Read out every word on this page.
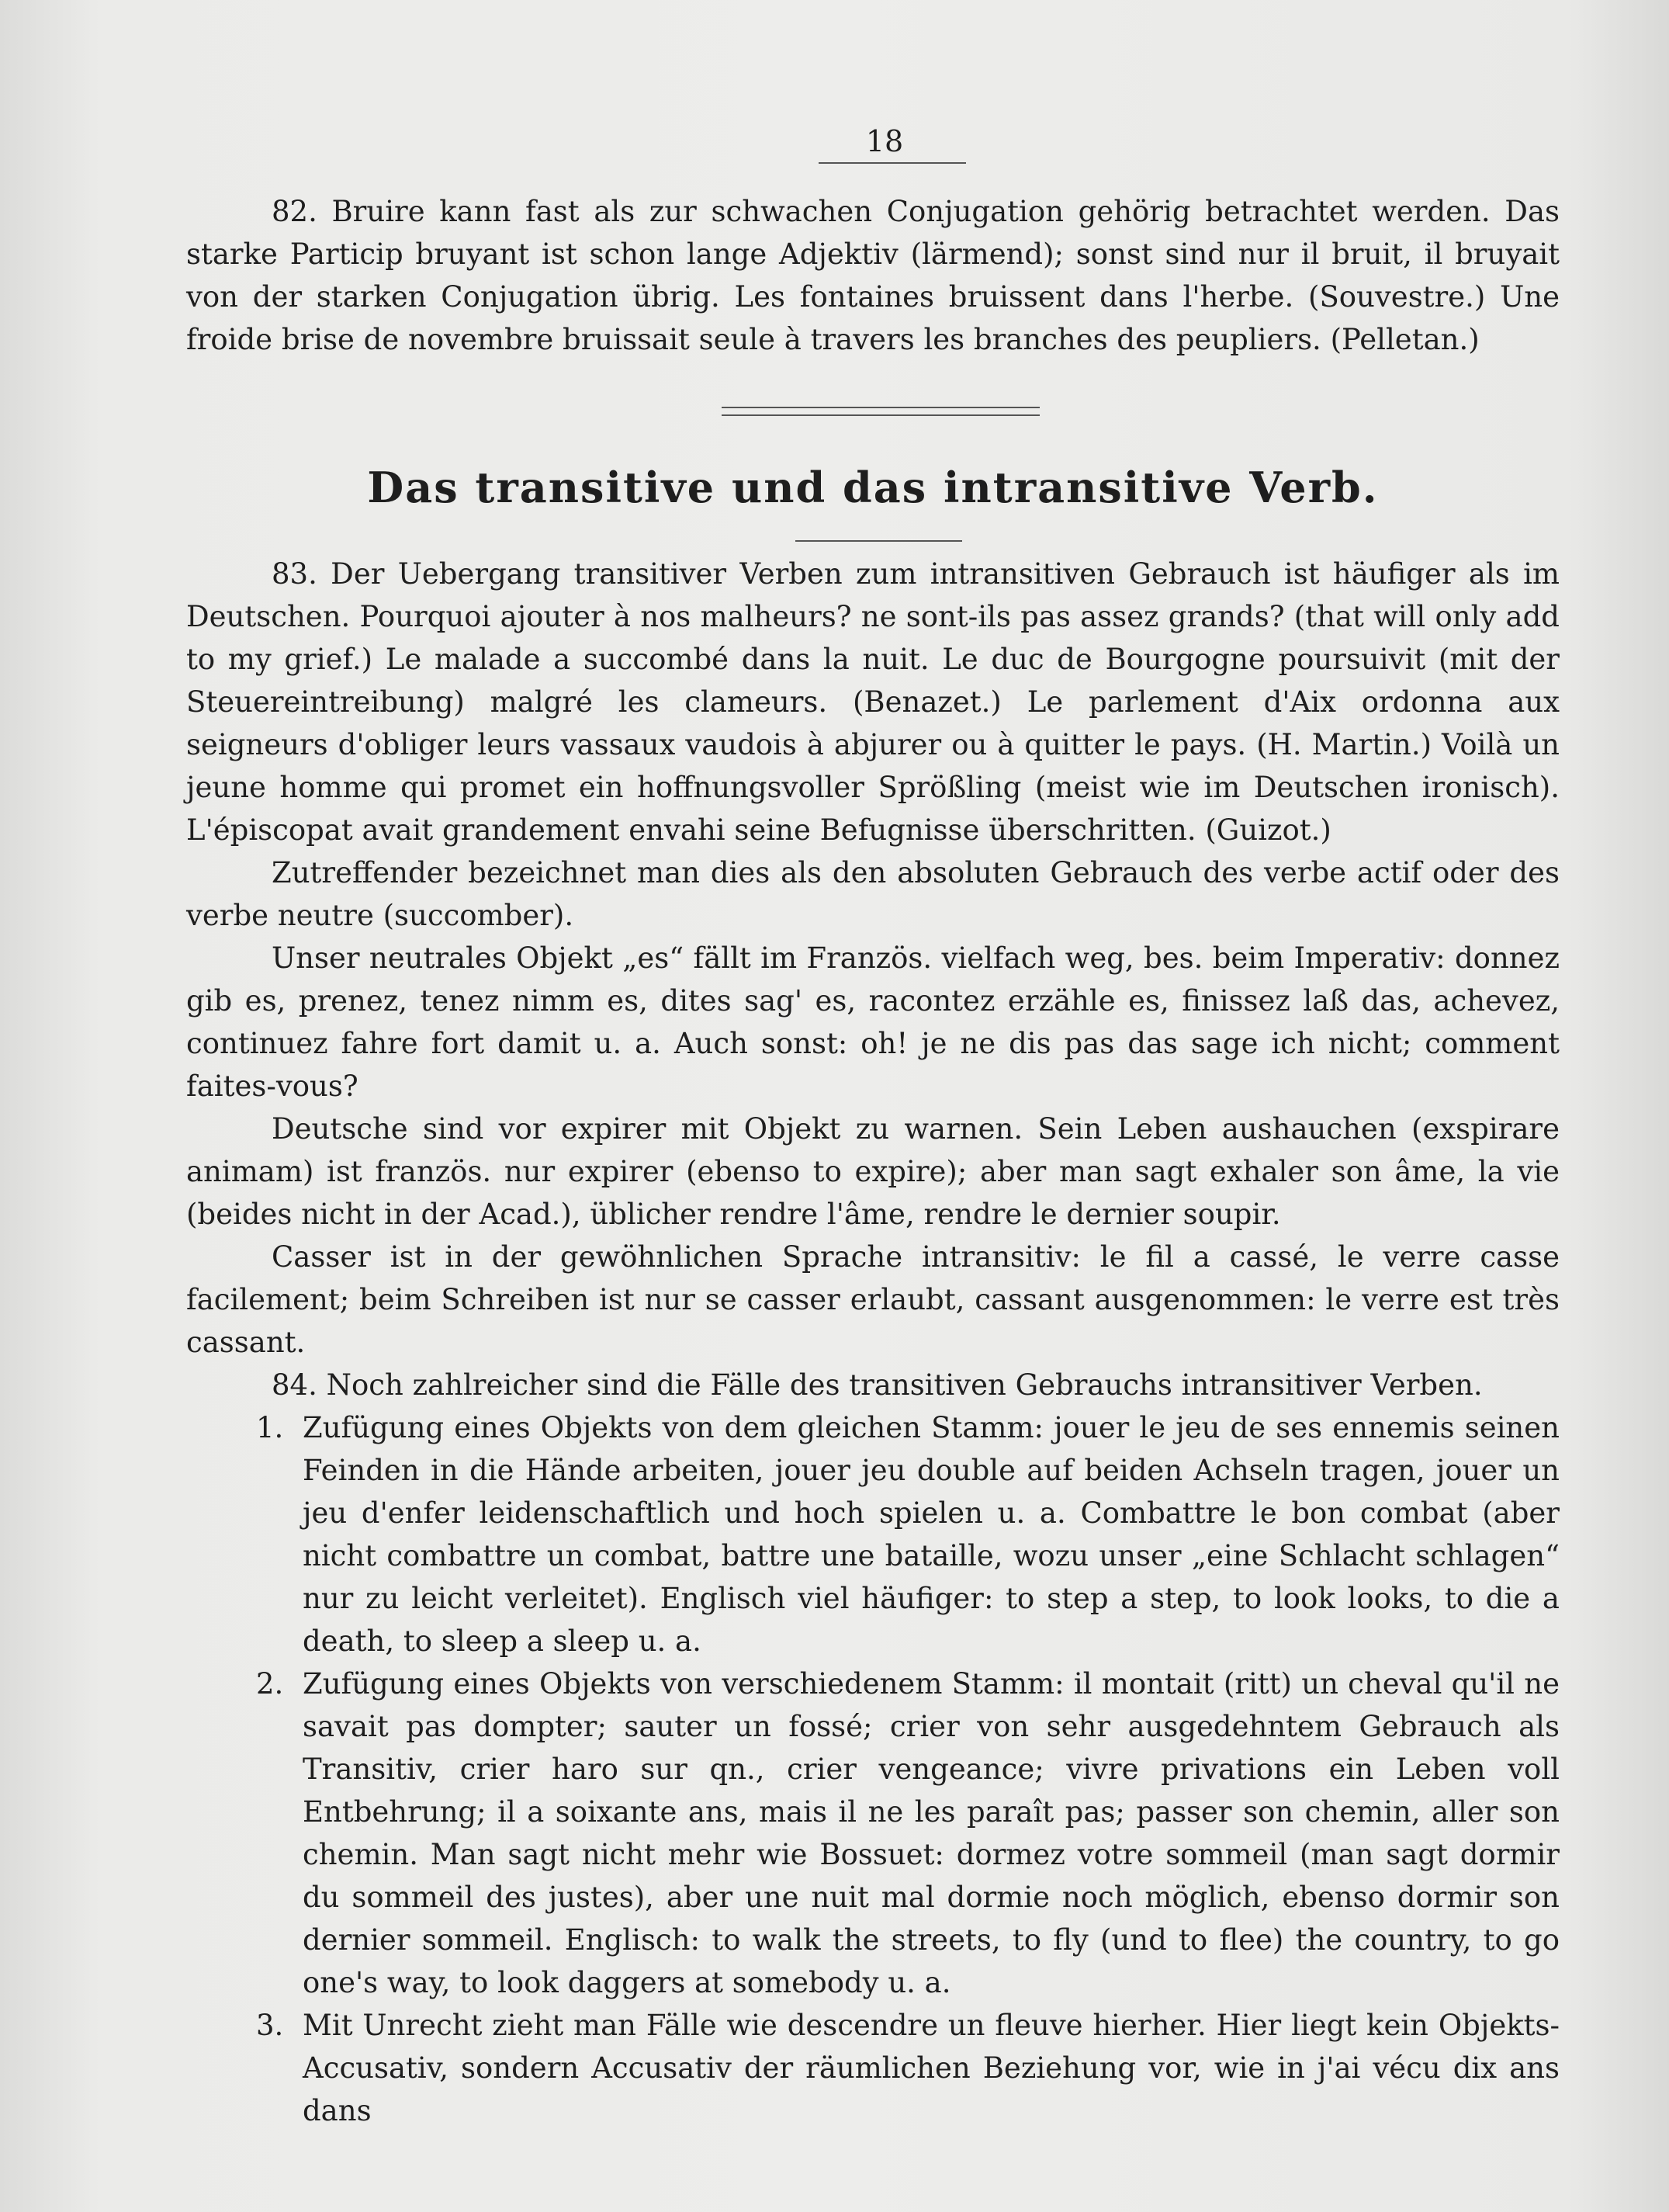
18

82. Bruire kann fast als zur schwachen Conjugation gehörig betrachtet werden. Das starke Particip bruyant ist schon lange Adjektiv (lärmend); sonst sind nur il bruit, il bruyait von der starken Conjugation übrig. Les fontaines bruissent dans l'herbe. (Souvestre.) Une froide brise de novembre bruissait seule à travers les branches des peupliers. (Pelletan.)

Das transitive und das intransitive Verb.

83. Der Uebergang transitiver Verben zum intransitiven Gebrauch ist häufiger als im Deutschen. Pourquoi ajouter à nos malheurs? ne sont-ils pas assez grands? (that will only add to my grief.) Le malade a succombé dans la nuit. Le duc de Bourgogne poursuivit (mit der Steuereintreibung) malgré les clameurs. (Benazet.) Le parlement d'Aix ordonna aux seigneurs d'obliger leurs vassaux vaudois à abjurer ou à quitter le pays. (H. Martin.) Voilà un jeune homme qui promet ein hoffnungsvoller Sprößling (meist wie im Deutschen ironisch). L'épiscopat avait grandement envahi seine Befugnisse überschritten. (Guizot.)

Zutreffender bezeichnet man dies als den absoluten Gebrauch des verbe actif oder des verbe neutre (succomber).

Unser neutrales Objekt „es“ fällt im Französ. vielfach weg, bes. beim Imperativ: donnez gib es, prenez, tenez nimm es, dites sag' es, racontez erzähle es, finissez laß das, achevez, continuez fahre fort damit u. a. Auch sonst: oh! je ne dis pas das sage ich nicht; comment faites-vous?

Deutsche sind vor expirer mit Objekt zu warnen. Sein Leben aushauchen (exspirare animam) ist französ. nur expirer (ebenso to expire); aber man sagt exhaler son âme, la vie (beides nicht in der Acad.), üblicher rendre l'âme, rendre le dernier soupir.

Casser ist in der gewöhnlichen Sprache intransitiv: le fil a cassé, le verre casse facilement; beim Schreiben ist nur se casser erlaubt, cassant ausgenommen: le verre est très cassant.

84. Noch zahlreicher sind die Fälle des transitiven Gebrauchs intransitiver Verben.

1. Zufügung eines Objekts von dem gleichen Stamm: jouer le jeu de ses ennemis seinen Feinden in die Hände arbeiten, jouer jeu double auf beiden Achseln tragen, jouer un jeu d'enfer leidenschaftlich und hoch spielen u. a. Combattre le bon combat (aber nicht combattre un combat, battre une bataille, wozu unser „eine Schlacht schlagen“ nur zu leicht verleitet). Englisch viel häufiger: to step a step, to look looks, to die a death, to sleep a sleep u. a.
2. Zufügung eines Objekts von verschiedenem Stamm: il montait (ritt) un cheval qu'il ne savait pas dompter; sauter un fossé; crier von sehr ausgedehntem Gebrauch als Transitiv, crier haro sur qn., crier vengeance; vivre privations ein Leben voll Entbehrung; il a soixante ans, mais il ne les paraît pas; passer son chemin, aller son chemin. Man sagt nicht mehr wie Bossuet: dormez votre sommeil (man sagt dormir du sommeil des justes), aber une nuit mal dormie noch möglich, ebenso dormir son dernier sommeil. Englisch: to walk the streets, to fly (und to flee) the country, to go one's way, to look daggers at somebody u. a.
3. Mit Unrecht zieht man Fälle wie descendre un fleuve hierher. Hier liegt kein Objekts-Accusativ, sondern Accusativ der räumlichen Beziehung vor, wie in j'ai vécu dix ans dans
